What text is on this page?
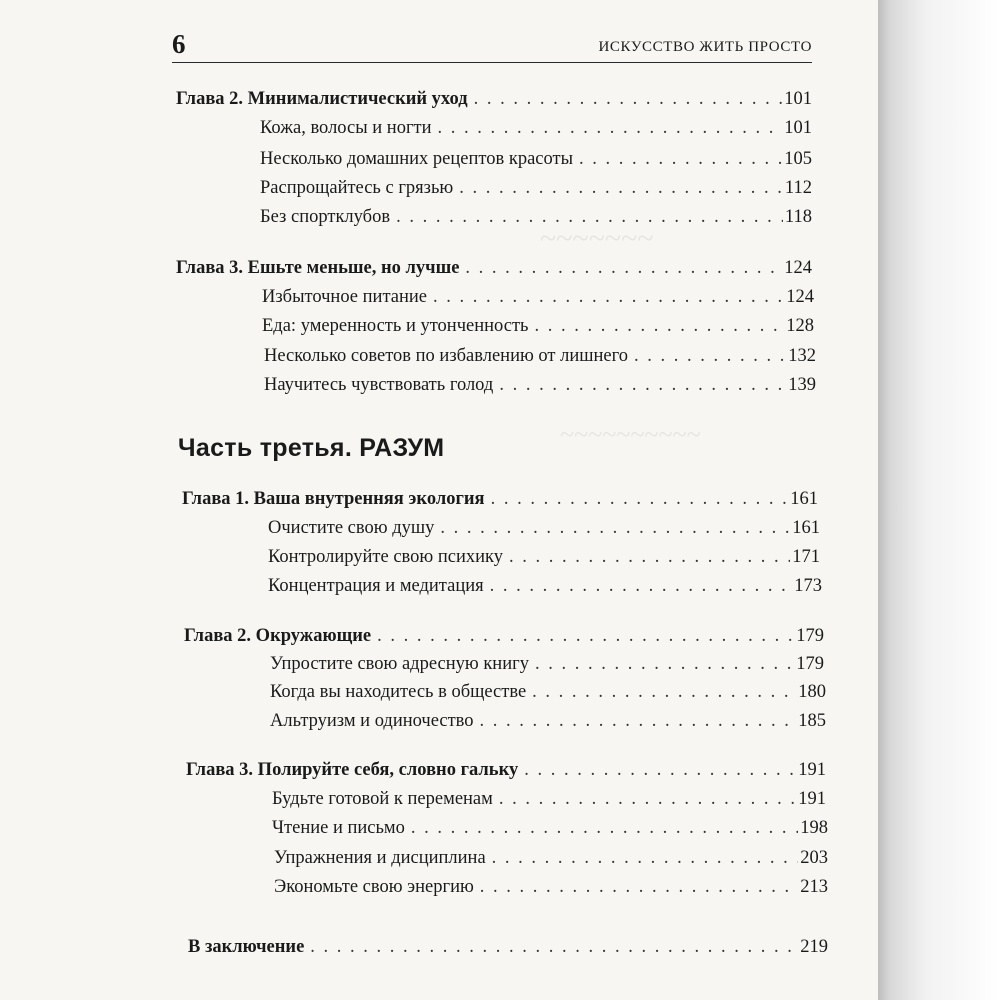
~~~~~~~
~~~~~~~~~~
6	ИСКУССТВО ЖИТЬ ПРОСТО
Глава 2. Минималистический уход . . .	101
Кожа, волосы и ногти . . .	101
Несколько домашних рецептов красоты . . .	105
Распрощайтесь с грязью . . .	112
Без спортклубов . . .	118
Глава 3. Ешьте меньше, но лучше . . .	124
Избыточное питание . . .	124
Еда: умеренность и утонченность . . .	128
Несколько советов по избавлению от лишнего . . .	132
Научитесь чувствовать голод . . .	139
Часть третья. РАЗУМ
Глава 1. Ваша внутренняя экология . . .	161
Очистите свою душу . . .	161
Контролируйте свою психику . . .	171
Концентрация и медитация . . .	173
Глава 2. Окружающие . . .	179
Упростите свою адресную книгу . . .	179
Когда вы находитесь в обществе . . .	180
Альтруизм и одиночество . . .	185
Глава 3. Полируйте себя, словно гальку . . .	191
Будьте готовой к переменам . . .	191
Чтение и письмо . . .	198
Упражнения и дисциплина . . .	203
Экономьте свою энергию . . .	213
В заключение . . .	219
